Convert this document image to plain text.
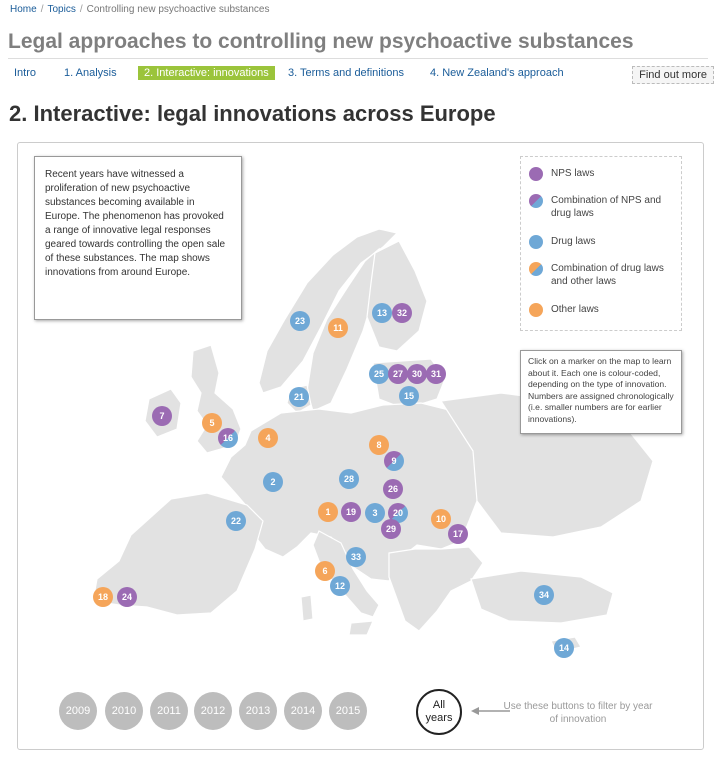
Home / Topics / Controlling new psychoactive substances
Legal approaches to controlling new psychoactive substances
Intro	1. Analysis	2. Interactive: innovations	3. Terms and definitions	4. New Zealand's approach	Find out more
2. Interactive: legal innovations across Europe
Recent years have witnessed a proliferation of new psychoactive substances becoming available in Europe. The phenomenon has provoked a range of innovative legal responses geared towards controlling the open sale of these substances. The map shows innovations from around Europe.
NPS laws
Combination of NPS and drug laws
Drug laws
Combination of drug laws and other laws
Other laws
Click on a marker on the map to learn about it. Each one is colour-coded, depending on the type of innovation. Numbers are assigned chronologically (i.e. smaller numbers are for earlier innovations).
1
2
3
4
5
6
7
8
9
10
11
12
13
14
15
16
17
18
19	20
21
22
23
24
25
26
27
28
29
30 31
32
33
34
2009	2010	2011	2012	2013	2014	2015
All
years
Use these buttons to filter by year of innovation
